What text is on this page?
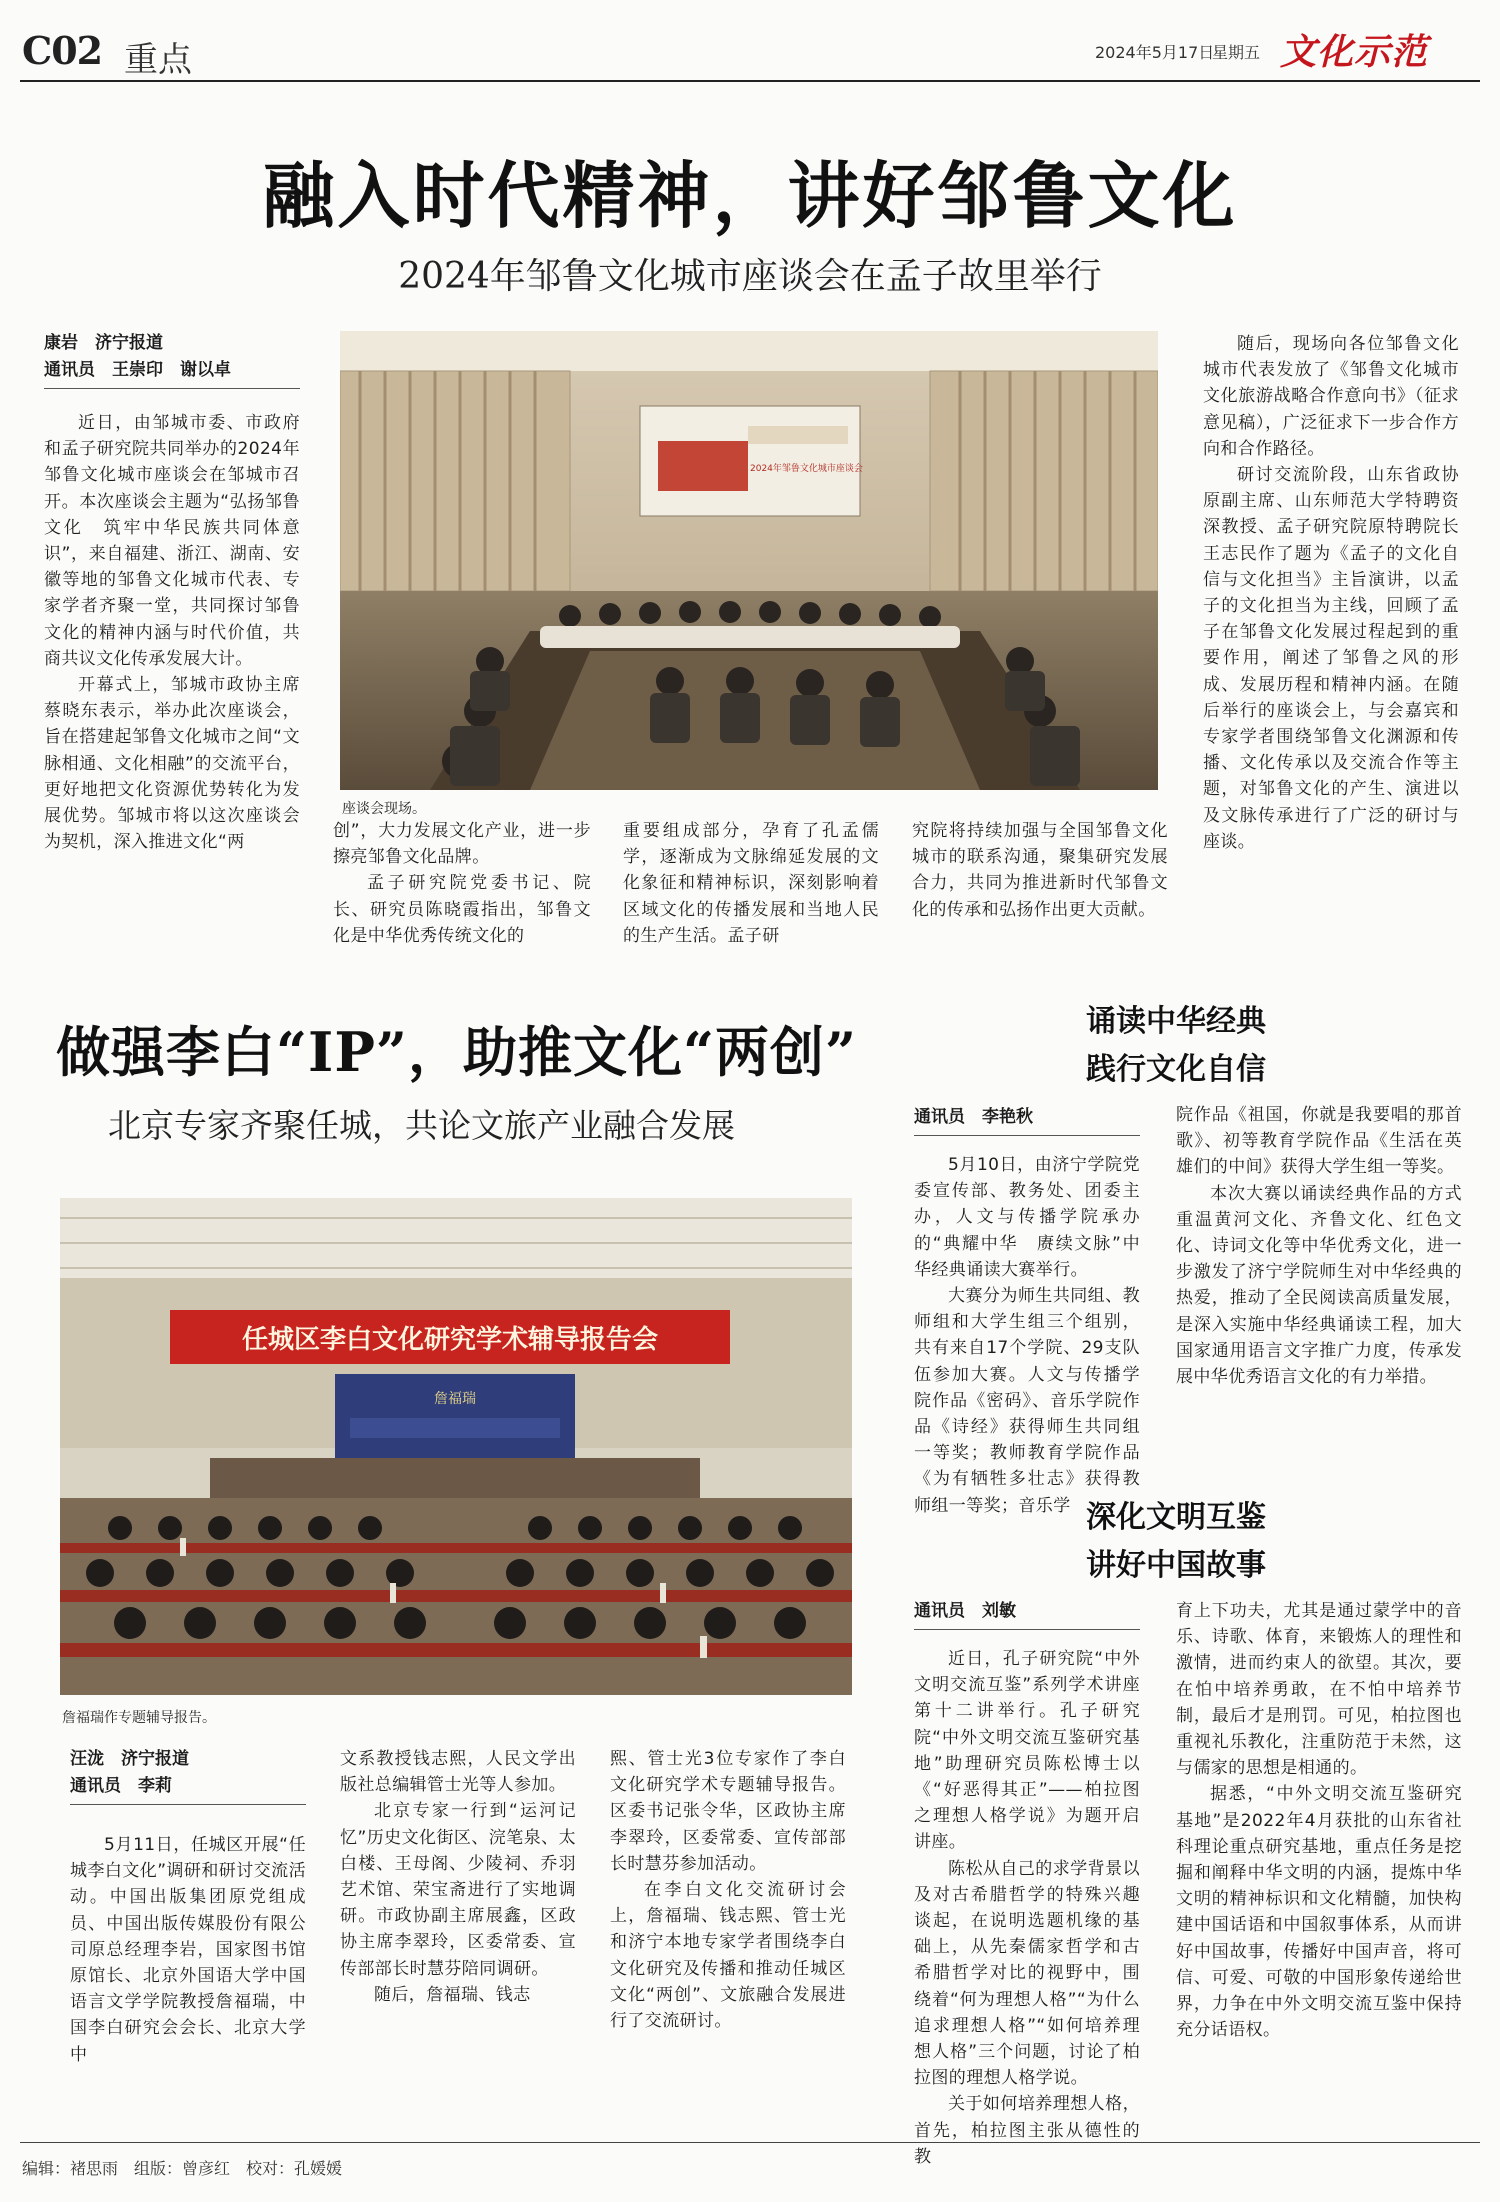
C02 重点	2024年5月17日
星期五 文化示范
融入时代精神，讲好邹鲁文化
2024年邹鲁文化城市座谈会在孟子故里举行
康岩　济宁报道
通讯员　王崇印　谢以卓

近日，由邹城市委、市政府和孟子研究院共同举办的2024年邹鲁文化城市座谈会在邹城市召开。本次座谈会主题为“弘扬邹鲁文化　筑牢中华民族共同体意识”，来自福建、浙江、湖南、安徽等地的邹鲁文化城市代表、专家学者齐聚一堂，共同探讨邹鲁文化的精神内涵与时代价值，共商共议文化传承发展大计。

开幕式上，邹城市政协主席蔡晓东表示，举办此次座谈会，旨在搭建起邹鲁文化城市之间“文脉相通、文化相融”的交流平台，更好地把文化资源优势转化为发展优势。邹城市将以这次座谈会为契机，深入推进文化“两

2024年邹鲁文化城市座谈会
座谈会现场。

创”，大力发展文化产业，进一步擦亮邹鲁文化品牌。

孟子研究院党委书记、院长、研究员陈晓霞指出，邹鲁文化是中华优秀传统文化的

重要组成部分，孕育了孔孟儒学，逐渐成为文脉绵延发展的文化象征和精神标识，深刻影响着区域文化的传播发展和当地人民的生产生活。孟子研

究院将持续加强与全国邹鲁文化城市的联系沟通，聚集研究发展合力，共同为推进新时代邹鲁文化的传承和弘扬作出更大贡献。

随后，现场向各位邹鲁文化城市代表发放了《邹鲁文化城市文化旅游战略合作意向书》（征求意见稿），广泛征求下一步合作方向和合作路径。

研讨交流阶段，山东省政协原副主席、山东师范大学特聘资深教授、孟子研究院原特聘院长王志民作了题为《孟子的文化自信与文化担当》主旨演讲，以孟子的文化担当为主线，回顾了孟子在邹鲁文化发展过程起到的重要作用，阐述了邹鲁之风的形成、发展历程和精神内涵。在随后举行的座谈会上，与会嘉宾和专家学者围绕邹鲁文化渊源和传播、文化传承以及交流合作等主题，对邹鲁文化的产生、演进以及文脉传承进行了广泛的研讨与座谈。

做强李白“IP”，助推文化“两创”
北京专家齐聚任城，共论文旅产业融合发展
任城区李白文化研究学术辅导报告会
詹福瑞
詹福瑞作专题辅导报告。
汪泷　济宁报道
通讯员　李莉

5月11日，任城区开展“任城李白文化”调研和研讨交流活动。中国出版集团原党组成员、中国出版传媒股份有限公司原总经理李岩，国家图书馆原馆长、北京外国语大学中国语言文学学院教授詹福瑞，中国李白研究会会长、北京大学中

文系教授钱志熙，人民文学出版社总编辑管士光等人参加。

北京专家一行到“运河记忆”历史文化街区、浣笔泉、太白楼、王母阁、少陵祠、乔羽艺术馆、荣宝斋进行了实地调研。市政协副主席展鑫，区政协主席李翠玲，区委常委、宣传部部长时慧芬陪同调研。

随后，詹福瑞、钱志

熙、管士光3位专家作了李白文化研究学术专题辅导报告。区委书记张令华，区政协主席李翠玲，区委常委、宣传部部长时慧芬参加活动。

在李白文化交流研讨会上，詹福瑞、钱志熙、管士光和济宁本地专家学者围绕李白文化研究及传播和推动任城区文化“两创”、文旅融合发展进行了交流研讨。

诵读中华经典
践行文化自信
通讯员　李艳秋

5月10日，由济宁学院党委宣传部、教务处、团委主办，人文与传播学院承办的“典耀中华　赓续文脉”中华经典诵读大赛举行。

大赛分为师生共同组、教师组和大学生组三个组别，共有来自17个学院、29支队伍参加大赛。人文与传播学院作品《密码》、音乐学院作品《诗经》获得师生共同组一等奖；教师教育学院作品《为有牺牲多壮志》获得教师组一等奖；音乐学

院作品《祖国，你就是我要唱的那首歌》、初等教育学院作品《生活在英雄们的中间》获得大学生组一等奖。

本次大赛以诵读经典作品的方式重温黄河文化、齐鲁文化、红色文化、诗词文化等中华优秀文化，进一步激发了济宁学院师生对中华经典的热爱，推动了全民阅读高质量发展，是深入实施中华经典诵读工程，加大国家通用语言文字推广力度，传承发展中华优秀语言文化的有力举措。

深化文明互鉴
讲好中国故事
通讯员　刘敏

近日，孔子研究院“中外文明交流互鉴”系列学术讲座第十二讲举行。孔子研究院“中外文明交流互鉴研究基地”助理研究员陈松博士以《“好恶得其正”——柏拉图之理想人格学说》为题开启讲座。

陈松从自己的求学背景以及对古希腊哲学的特殊兴趣谈起，在说明选题机缘的基础上，从先秦儒家哲学和古希腊哲学对比的视野中，围绕着“何为理想人格”“为什么追求理想人格”“如何培养理想人格”三个问题，讨论了柏拉图的理想人格学说。

关于如何培养理想人格，首先，柏拉图主张从德性的教

育上下功夫，尤其是通过蒙学中的音乐、诗歌、体育，来锻炼人的理性和激情，进而约束人的欲望。其次，要在怕中培养勇敢，在不怕中培养节制，最后才是刑罚。可见，柏拉图也重视礼乐教化，注重防范于未然，这与儒家的思想是相通的。

据悉，“中外文明交流互鉴研究基地”是2022年4月获批的山东省社科理论重点研究基地，重点任务是挖掘和阐释中华文明的内涵，提炼中华文明的精神标识和文化精髓，加快构建中国话语和中国叙事体系，从而讲好中国故事，传播好中国声音，将可信、可爱、可敬的中国形象传递给世界，力争在中外文明交流互鉴中保持充分话语权。

编辑：褚思雨　组版：曾彦红　校对：孔媛媛
